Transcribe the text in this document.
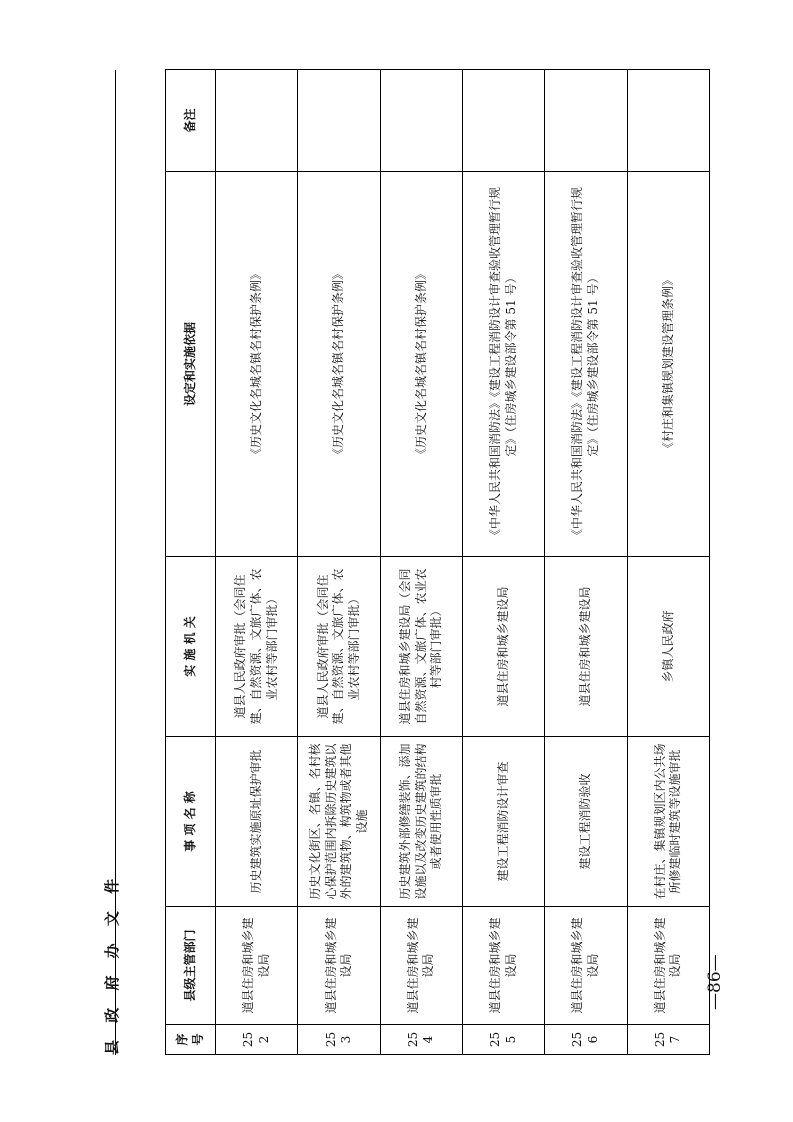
县 政 府 办 文 件	—86—
序号	县级主管部门	事 项 名 称	实 施 机 关	设定和实施依据	备注
252	道县住房和城乡建设局	历史建筑实施原址保护审批	道县人民政府审批（会同住建、自然资源、文旅广体、农业农村等部门审批）	《历史文化名城名镇名村保护条例》	
253	道县住房和城乡建设局	历史文化街区、名镇、名村核心保护范围内拆除历史建筑以外的建筑物、构筑物或者其他设施	道县人民政府审批（会同住建、自然资源、文旅广体、农业农村等部门审批）	《历史文化名城名镇名村保护条例》	
254	道县住房和城乡建设局	历史建筑外部修缮装饰、添加设施以及改变历史建筑的结构或者使用性质审批	道县住房和城乡建设局（会同自然资源、文旅广体、农业农村等部门审批）	《历史文化名城名镇名村保护条例》	
255	道县住房和城乡建设局	建设工程消防设计审查	道县住房和城乡建设局	《中华人民共和国消防法》《建设工程消防设计审查验收管理暂行规定》（住房城乡建设部令第 51 号）	
256	道县住房和城乡建设局	建设工程消防验收	道县住房和城乡建设局	《中华人民共和国消防法》《建设工程消防设计审查验收管理暂行规定》（住房城乡建设部令第 51 号）	
257	道县住房和城乡建设局	在村庄、集镇规划区内公共场所修建临时建筑等设施审批	乡镇人民政府	《村庄和集镇规划建设管理条例》	
